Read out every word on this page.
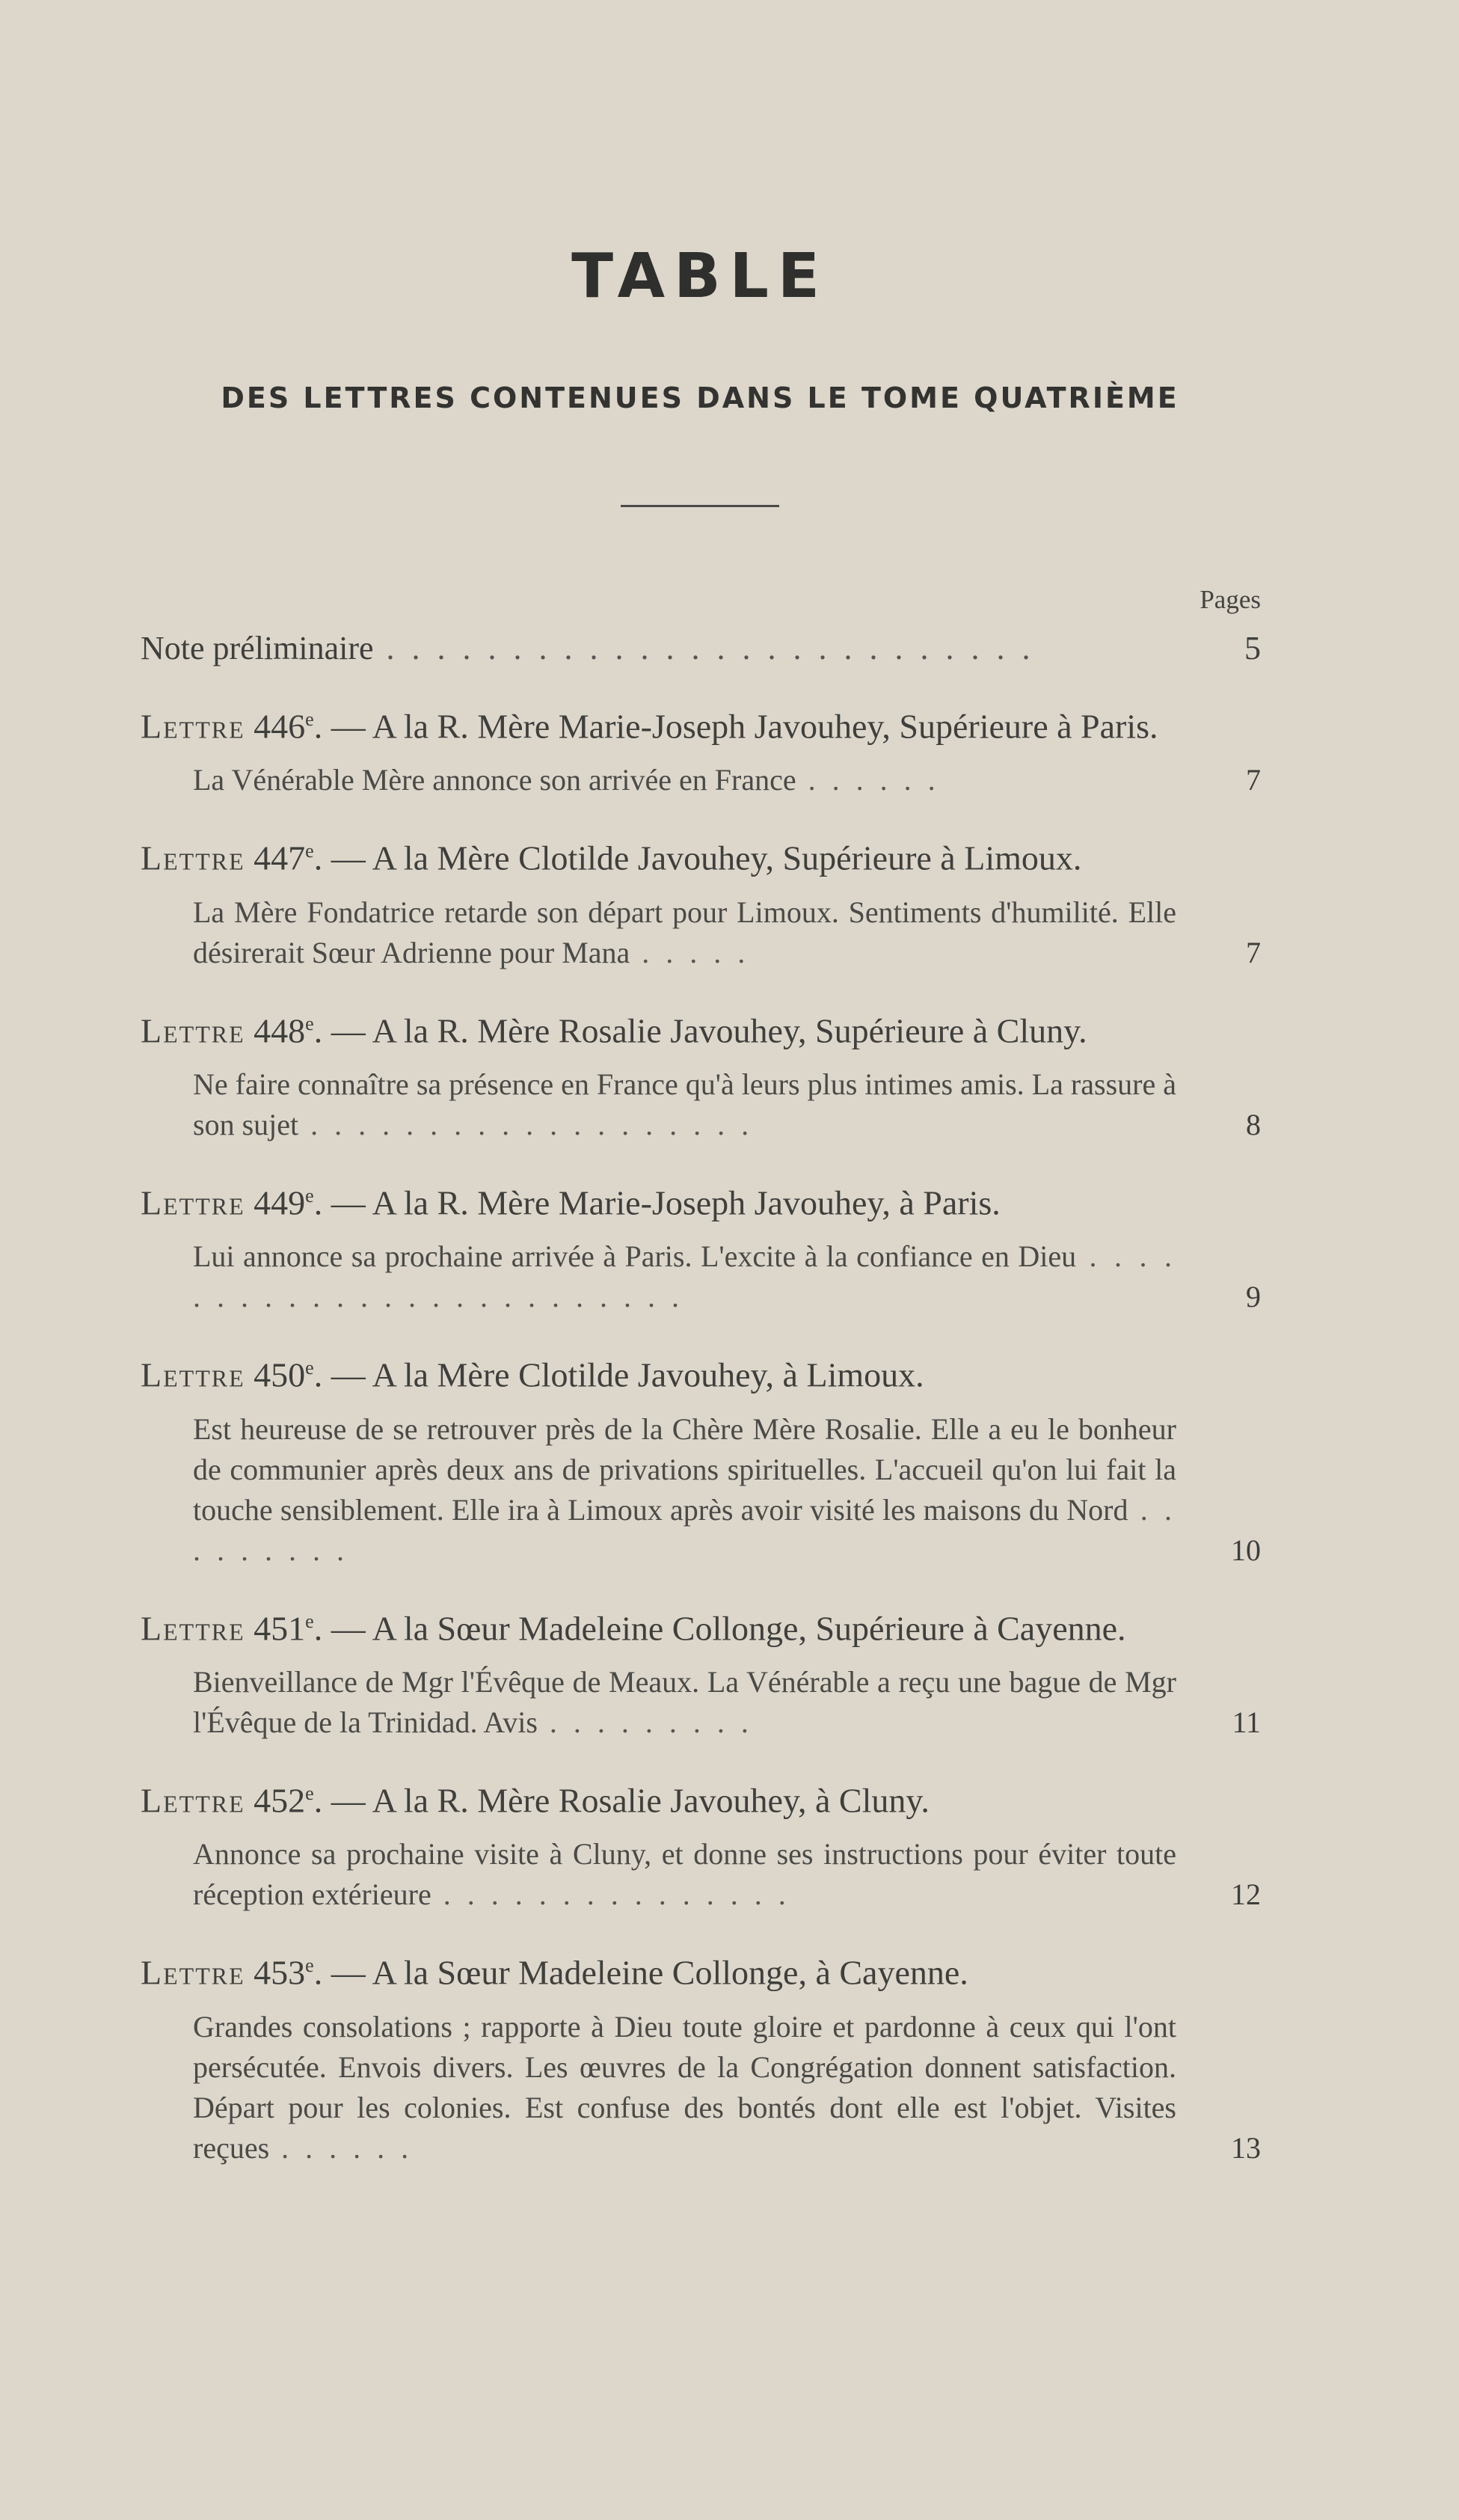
TABLE
DES LETTRES CONTENUES DANS LE TOME QUATRIÈME
Pages
Note préliminaire . . . . . . . . . . . . . . . . . . . . . . . . . .	5
Lettre 446e. — A la R. Mère Marie-Joseph Javouhey, Supérieure à Paris.
La Vénérable Mère annonce son arrivée en France . . . . . .	7
Lettre 447e. — A la Mère Clotilde Javouhey, Supérieure à Limoux.
La Mère Fondatrice retarde son départ pour Limoux. Sentiments d'humilité. Elle désirerait Sœur Adrienne pour Mana . . . . .	7
Lettre 448e. — A la R. Mère Rosalie Javouhey, Supérieure à Cluny.
Ne faire connaître sa présence en France qu'à leurs plus intimes amis. La rassure à son sujet . . . . . . . . . . . . . . . . . . .	8
Lettre 449e. — A la R. Mère Marie-Joseph Javouhey, à Paris.
Lui annonce sa prochaine arrivée à Paris. L'excite à la confiance en Dieu . . . . . . . . . . . . . . . . . . . . . . . . .	9
Lettre 450e. — A la Mère Clotilde Javouhey, à Limoux.
Est heureuse de se retrouver près de la Chère Mère Rosalie. Elle a eu le bonheur de communier après deux ans de privations spirituelles. L'accueil qu'on lui fait la touche sensiblement. Elle ira à Limoux après avoir visité les maisons du Nord . . . . . . . . .	10
Lettre 451e. — A la Sœur Madeleine Collonge, Supérieure à Cayenne.
Bienveillance de Mgr l'Évêque de Meaux. La Vénérable a reçu une bague de Mgr l'Évêque de la Trinidad. Avis . . . . . . . . .	11
Lettre 452e. — A la R. Mère Rosalie Javouhey, à Cluny.
Annonce sa prochaine visite à Cluny, et donne ses instructions pour éviter toute réception extérieure . . . . . . . . . . . . . . .	12
Lettre 453e. — A la Sœur Madeleine Collonge, à Cayenne.
Grandes consolations ; rapporte à Dieu toute gloire et pardonne à ceux qui l'ont persécutée. Envois divers. Les œuvres de la Congrégation donnent satisfaction. Départ pour les colonies. Est confuse des bontés dont elle est l'objet. Visites reçues . . . . . .	13
